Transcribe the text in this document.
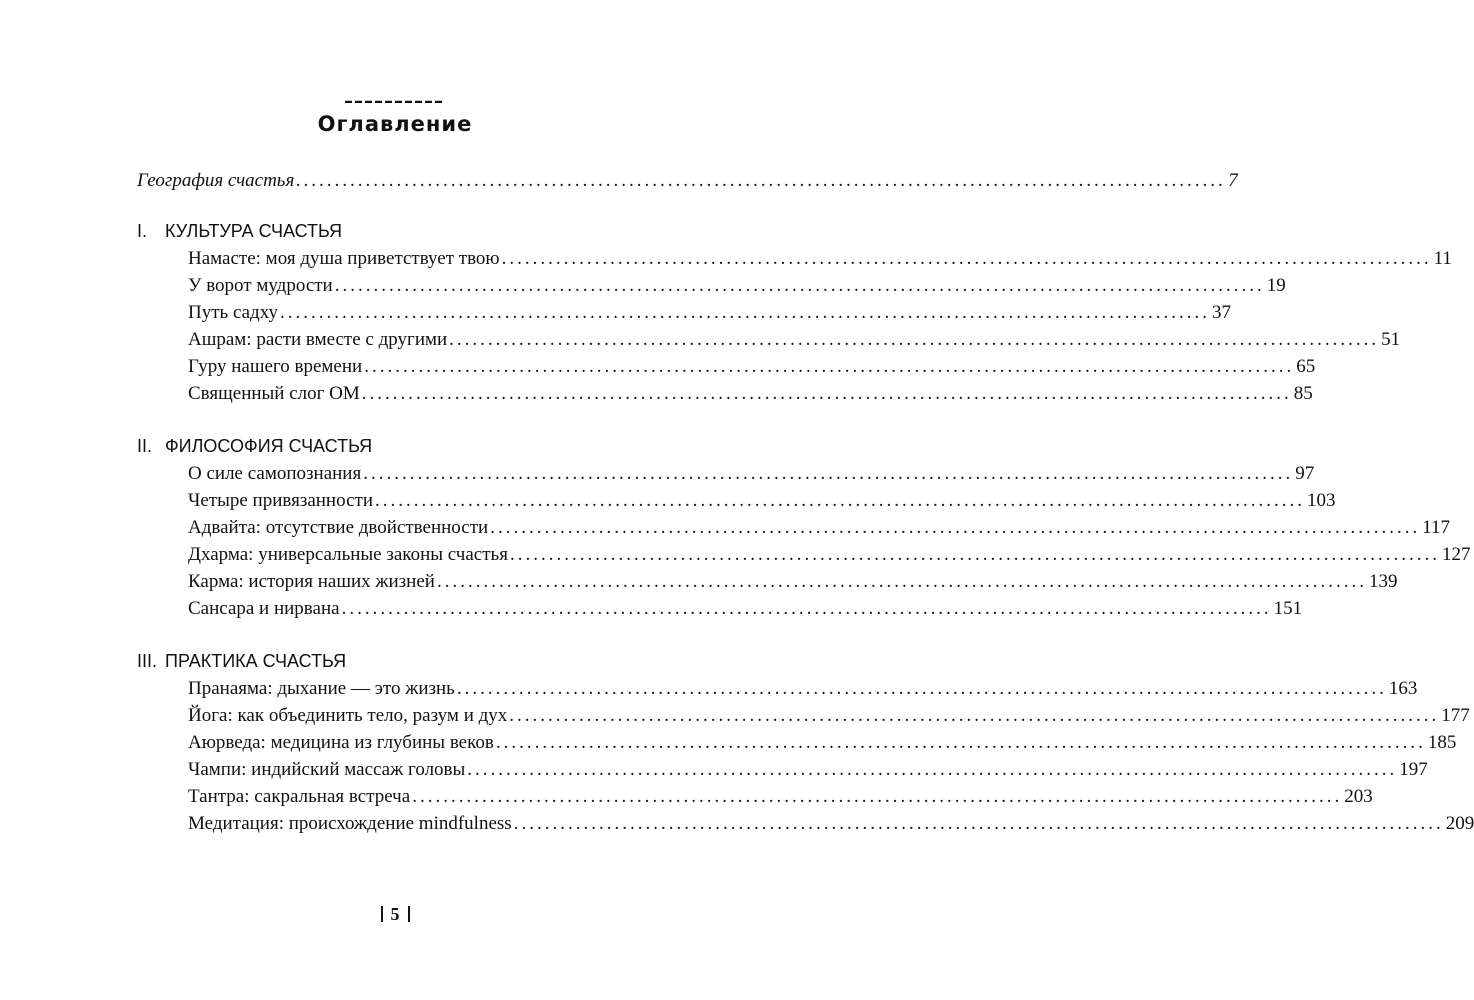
––––––––––
Оглавление
География счастья ........................................................................................................................ 7
I. КУЛЬТУРА СЧАСТЬЯ
Намасте: моя душа приветствует твою ........................................................................................................................ 11
У ворот мудрости ........................................................................................................................ 19
Путь садху ........................................................................................................................ 37
Ашрам: расти вместе с другими ........................................................................................................................ 51
Гуру нашего времени ........................................................................................................................ 65
Священный слог ОМ ........................................................................................................................ 85
II. ФИЛОСОФИЯ СЧАСТЬЯ
О силе самопознания ........................................................................................................................ 97
Четыре привязанности ........................................................................................................................ 103
Адвайта: отсутствие двойственности ........................................................................................................................ 117
Дхарма: универсальные законы счастья ........................................................................................................................ 127
Карма: история наших жизней ........................................................................................................................ 139
Сансара и нирвана ........................................................................................................................ 151
III. ПРАКТИКА СЧАСТЬЯ
Пранаяма: дыхание — это жизнь ........................................................................................................................ 163
Йога: как объединить тело, разум и дух ........................................................................................................................ 177
Аюрведа: медицина из глубины веков ........................................................................................................................ 185
Чампи: индийский массаж головы ........................................................................................................................ 197
Тантра: сакральная встреча ........................................................................................................................ 203
Медитация: происхождение mindfulness ........................................................................................................................ 209
5
